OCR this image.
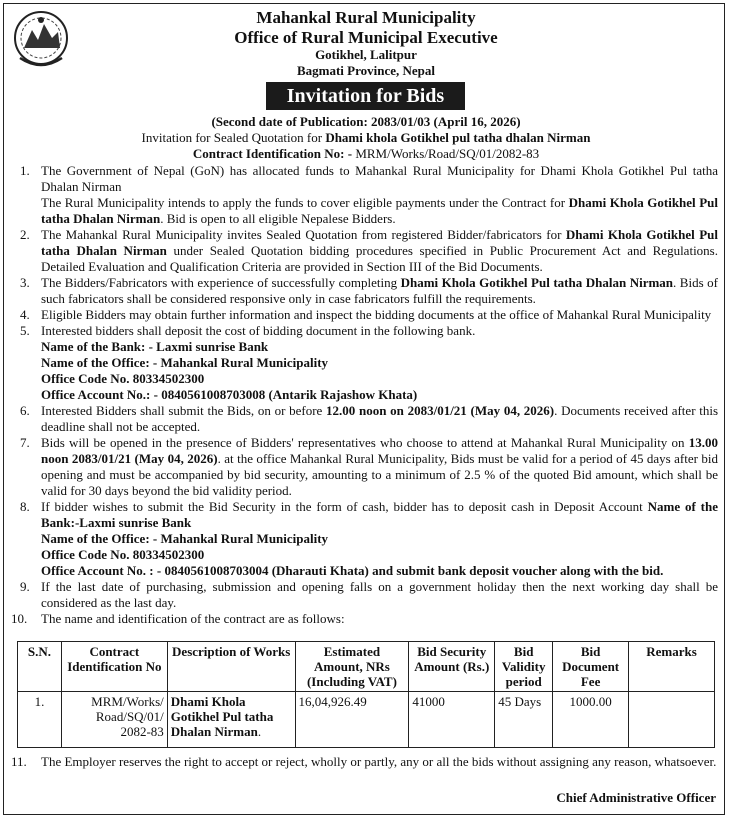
Mahankal Rural Municipality
Office of Rural Municipal Executive
Gotikhel, Lalitpur
Bagmati Province, Nepal
Invitation for Bids
(Second date of Publication: 2083/01/03 (April 16, 2026)
Invitation for Sealed Quotation for Dhami khola Gotikhel pul tatha dhalan Nirman
Contract Identification No: - MRM/Works/Road/SQ/01/2082-83
1. The Government of Nepal (GoN) has allocated funds to Mahankal Rural Municipality for Dhami Khola Gotikhel Pul tatha Dhalan Nirman

The Rural Municipality intends to apply the funds to cover eligible payments under the Contract for Dhami Khola Gotikhel Pul tatha Dhalan Nirman. Bid is open to all eligible Nepalese Bidders.

2. The Mahankal Rural Municipality invites Sealed Quotation from registered Bidder/fabricators for Dhami Khola Gotikhel Pul tatha Dhalan Nirman under Sealed Quotation bidding procedures specified in Public Procurement Act and Regulations. Detailed Evaluation and Qualification Criteria are provided in Section III of the Bid Documents.

3. The Bidders/Fabricators with experience of successfully completing Dhami Khola Gotikhel Pul tatha Dhalan Nirman. Bids of such fabricators shall be considered responsive only in case fabricators fulfill the requirements.

4. Eligible Bidders may obtain further information and inspect the bidding documents at the office of Mahankal Rural Municipality

5. Interested bidders shall deposit the cost of bidding document in the following bank.

Name of the Bank: - Laxmi sunrise Bank

Name of the Office: - Mahankal Rural Municipality

Office Code No. 80334502300

Office Account No.: - 0840561008703008 (Antarik Rajashow Khata)

6. Interested Bidders shall submit the Bids, on or before 12.00 noon on 2083/01/21 (May 04, 2026). Documents received after this deadline shall not be accepted.

7. Bids will be opened in the presence of Bidders' representatives who choose to attend at Mahankal Rural Municipality on 13.00 noon 2083/01/21 (May 04, 2026). at the office Mahankal Rural Municipality, Bids must be valid for a period of 45 days after bid opening and must be accompanied by bid security, amounting to a minimum of 2.5 % of the quoted Bid amount, which shall be valid for 30 days beyond the bid validity period.

8. If bidder wishes to submit the Bid Security in the form of cash, bidder has to deposit cash in Deposit Account Name of the Bank:-Laxmi sunrise Bank

Name of the Office: - Mahankal Rural Municipality

Office Code No. 80334502300

Office Account No. : - 0840561008703004 (Dharauti Khata) and submit bank deposit voucher along with the bid.

9. If the last date of purchasing, submission and opening falls on a government holiday then the next working day shall be considered as the last day.

10. The name and identification of the contract are as follows:

S.N.	Contract Identification No	Description of Works	Estimated Amount, NRs (Including VAT)	Bid Security Amount (Rs.)	Bid Validity period	Bid Document Fee	Remarks
1.	MRM/Works/ Road/SQ/01/ 2082-83	Dhami Khola Gotikhel Pul tatha Dhalan Nirman.	16,04,926.49	41000	45 Days	1000.00	
11. The Employer reserves the right to accept or reject, wholly or partly, any or all the bids without assigning any reason, whatsoever.

Chief Administrative Officer
